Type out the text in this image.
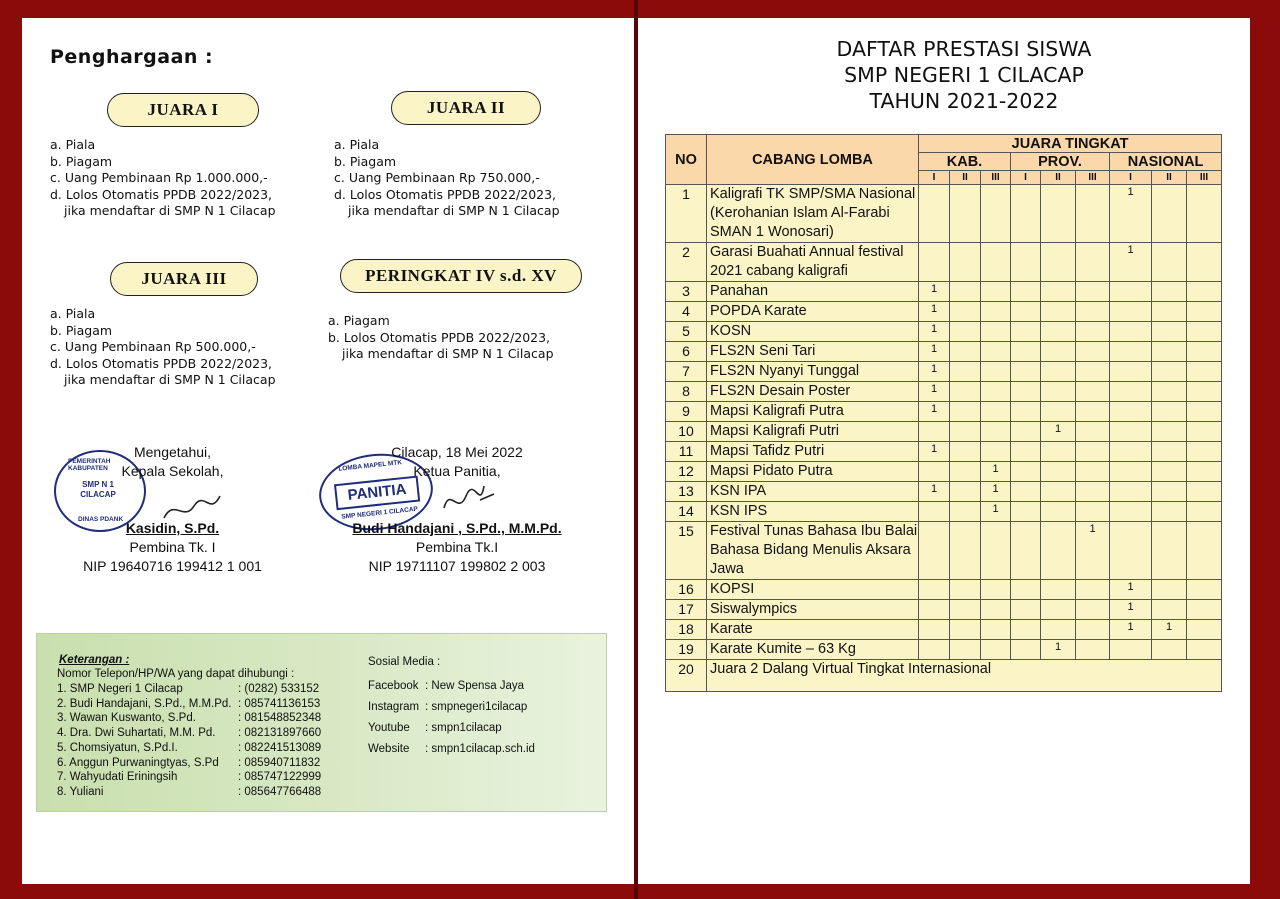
Penghargaan :
JUARA I	JUARA II
JUARA III	PERINGKAT IV s.d. XV
a. Piala
b. Piagam
c. Uang Pembinaan Rp 1.000.000,-
d. Lolos Otomatis PPDB 2022/2023,
jika mendaftar di SMP N 1 Cilacap
a. Piala
b. Piagam
c. Uang Pembinaan Rp 750.000,-
d. Lolos Otomatis PPDB 2022/2023,
jika mendaftar di SMP N 1 Cilacap
a. Piala
b. Piagam
c. Uang Pembinaan Rp 500.000,-
d. Lolos Otomatis PPDB 2022/2023,
jika mendaftar di SMP N 1 Cilacap
a. Piagam
b. Lolos Otomatis PPDB 2022/2023,
jika mendaftar di SMP N 1 Cilacap
PEMERINTAH KABUPATEN
SMP N 1 CILACAP
DINAS PDANK
LOMBA MAPEL MTK
PANITIA
SMP NEGERI 1 CILACAP
Mengetahui,
Kepala Sekolah,
Kasidin, S.Pd.
Pembina Tk. I
NIP 19640716 199412 1 001
Cilacap, 18 Mei 2022
Ketua Panitia,
Budi Handajani , S.Pd., M.M.Pd.
Pembina Tk.I
NIP 19711107 199802 2 003
Keterangan :
Nomor Telepon/HP/WA yang dapat dihubungi :
1. SMP Negeri 1 Cilacap	: (0282) 533152
2. Budi Handajani, S.Pd., M.M.Pd. : 085741136153
3. Wawan Kuswanto, S.Pd.	: 081548852348
4. Dra. Dwi Suhartati, M.M. Pd.	: 082131897660
5. Chomsiyatun, S.Pd.I.	: 082241513089
6. Anggun Purwaningtyas, S.Pd	: 085940711832
7. Wahyudati Eriningsih	: 085747122999
8. Yuliani	: 085647766488
Sosial Media :
Facebook : New Spensa Jaya
Instagram : smpnegeri1cilacap
Youtube	: smpn1cilacap
Website	: smpn1cilacap.sch.id
DAFTAR PRESTASI SISWA
SMP NEGERI 1 CILACAP
TAHUN 2021-2022
NO	CABANG LOMBA	JUARA TINGKAT								
		KAB.			PROV.			NASIONAL		
		I	II	III	I	II	III	I	II	III
1	Kaligrafi TK SMP/SMA Nasional (Kerohanian Islam Al-Farabi SMAN 1 Wonosari)							1		
2	Garasi Buahati Annual festival 2021 cabang kaligrafi							1		
3	Panahan	1								
4	POPDA Karate	1								
5	KOSN	1								
6	FLS2N Seni Tari	1								
7	FLS2N Nyanyi Tunggal	1								
8	FLS2N Desain Poster	1								
9	Mapsi Kaligrafi Putra	1								
10	Mapsi Kaligrafi Putri					1				
11	Mapsi Tafidz Putri	1								
12	Mapsi Pidato Putra			1						
13	KSN IPA	1		1						
14	KSN IPS			1						
15	Festival Tunas Bahasa Ibu Balai Bahasa Bidang Menulis Aksara Jawa						1			
16	KOPSI							1		
17	Siswalympics							1		
18	Karate							1	1	
19	Karate Kumite – 63 Kg					1				
20	Juara 2 Dalang Virtual Tingkat Internasional									
